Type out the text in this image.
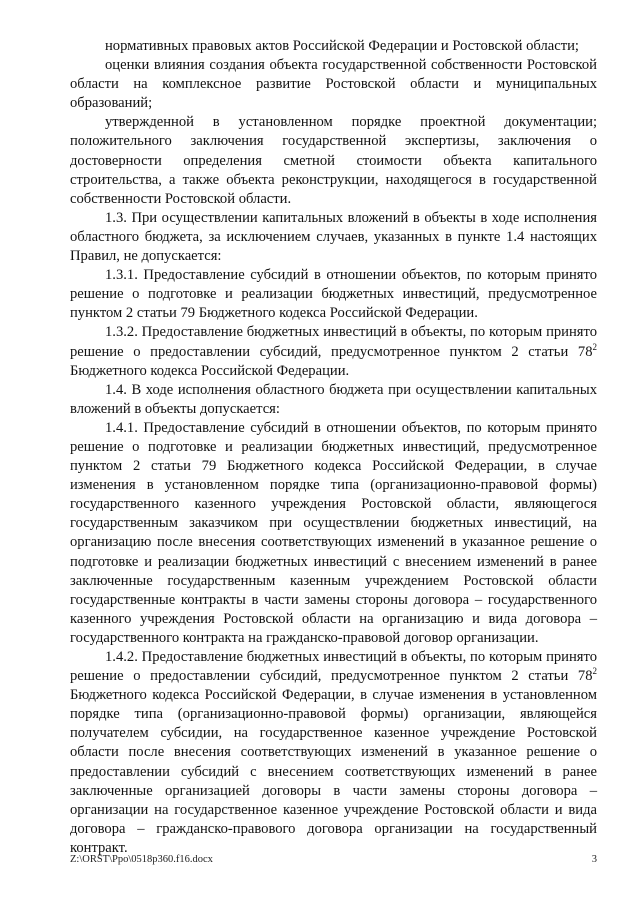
нормативных правовых актов Российской Федерации и Ростовской области;

оценки влияния создания объекта государственной собственности Ростовской области на комплексное развитие Ростовской области и муниципальных образований;

утвержденной в установленном порядке проектной документации; положительного заключения государственной экспертизы, заключения о достоверности определения сметной стоимости объекта капитального строительства, а также объекта реконструкции, находящегося в государственной собственности Ростовской области.

1.3. При осуществлении капитальных вложений в объекты в ходе исполнения областного бюджета, за исключением случаев, указанных в пункте 1.4 настоящих Правил, не допускается:

1.3.1. Предоставление субсидий в отношении объектов, по которым принято решение о подготовке и реализации бюджетных инвестиций, предусмотренное пунктом 2 статьи 79 Бюджетного кодекса Российской Федерации.

1.3.2. Предоставление бюджетных инвестиций в объекты, по которым принято решение о предоставлении субсидий, предусмотренное пунктом 2 статьи $78^2$ Бюджетного кодекса Российской Федерации.

1.4. В ходе исполнения областного бюджета при осуществлении капитальных вложений в объекты допускается:

1.4.1. Предоставление субсидий в отношении объектов, по которым принято решение о подготовке и реализации бюджетных инвестиций, предусмотренное пунктом 2 статьи 79 Бюджетного кодекса Российской Федерации, в случае изменения в установленном порядке типа (организационно-правовой формы) государственного казенного учреждения Ростовской области, являющегося государственным заказчиком при осуществлении бюджетных инвестиций, на организацию после внесения соответствующих изменений в указанное решение о подготовке и реализации бюджетных инвестиций с внесением изменений в ранее заключенные государственным казенным учреждением Ростовской области государственные контракты в части замены стороны договора – государственного казенного учреждения Ростовской области на организацию и вида договора – государственного контракта на гражданско-правовой договор организации.

1.4.2. Предоставление бюджетных инвестиций в объекты, по которым принято решение о предоставлении субсидий, предусмотренное пунктом 2 статьи $78^2$ Бюджетного кодекса Российской Федерации, в случае изменения в установленном порядке типа (организационно-правовой формы) организации, являющейся получателем субсидии, на государственное казенное учреждение Ростовской области после внесения соответствующих изменений в указанное решение о предоставлении субсидий с внесением соответствующих изменений в ранее заключенные организацией договоры в части замены стороны договора – организации на государственное казенное учреждение Ростовской области и вида договора – гражданско-правового договора организации на государственный контракт.

Z:\ORST\Ppo\0518p360.f16.docx	3
